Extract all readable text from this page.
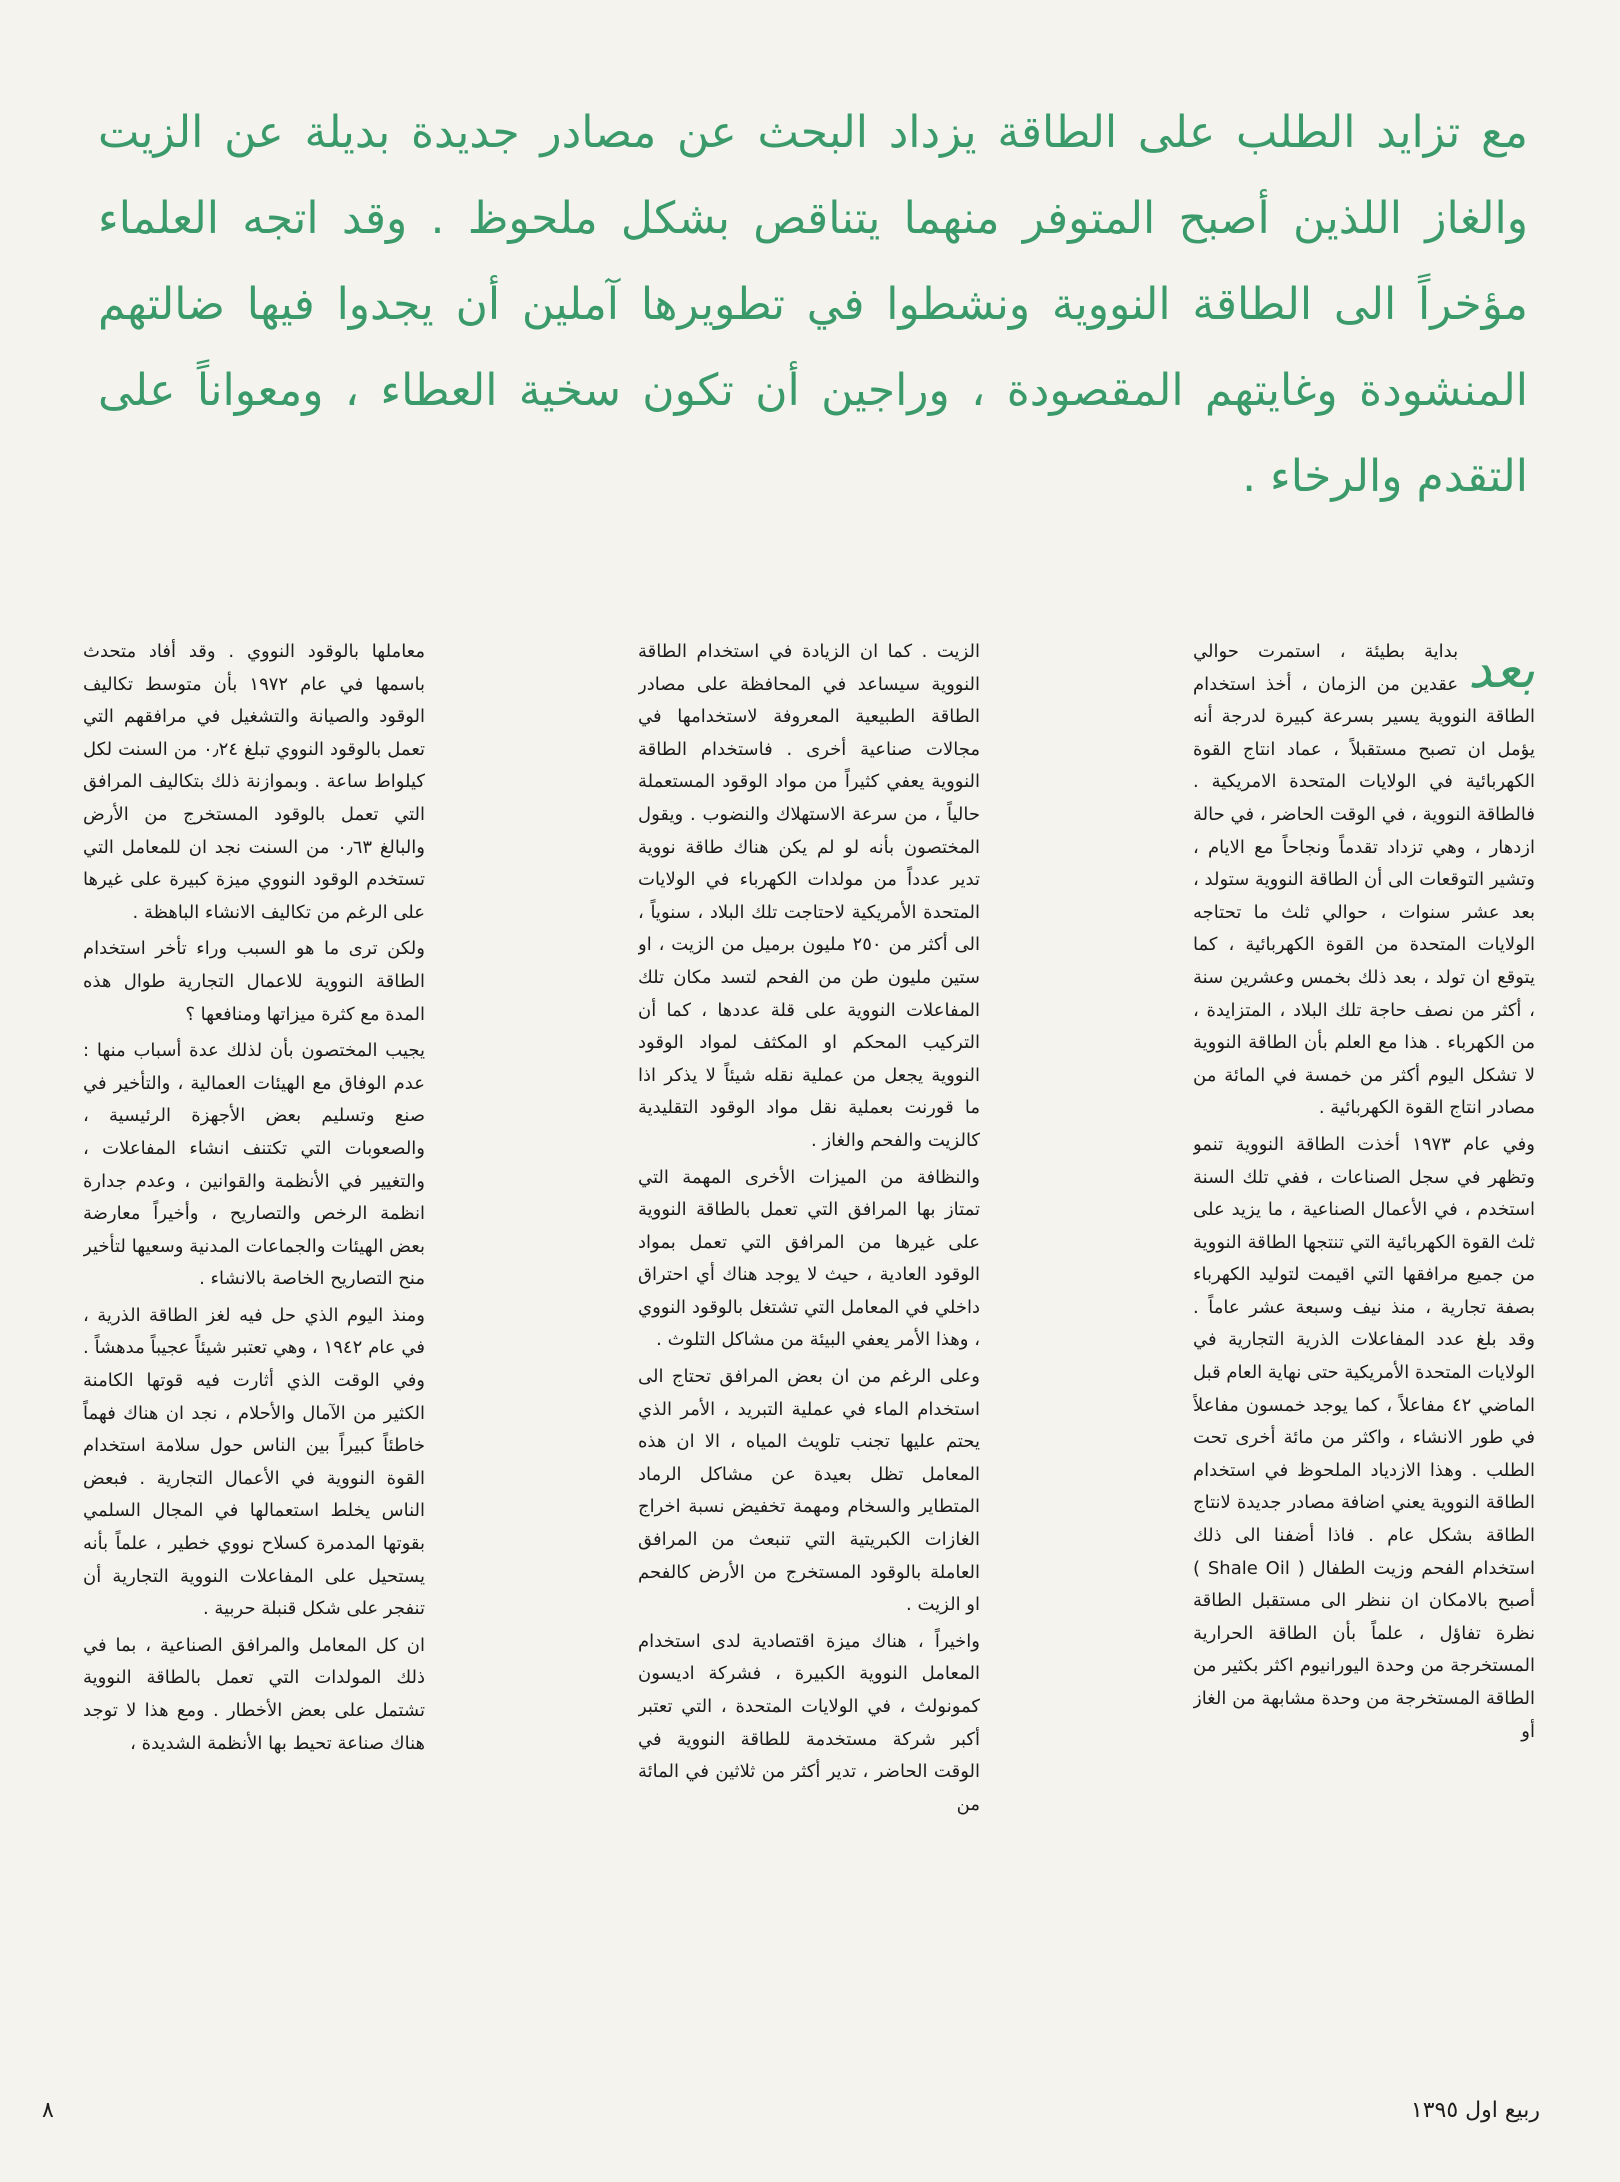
مع تزايد الطلب على الطاقة يزداد البحث عن مصادر جديدة بديلة عن الزيت والغاز اللذين أصبح المتوفر منهما يتناقص بشكل ملحوظ . وقد اتجه العلماء مؤخراً الى الطاقة النووية ونشطوا في تطويرها آملين أن يجدوا فيها ضالتهم المنشودة وغايتهم المقصودة ، وراجين أن تكون سخية العطاء ، ومعواناً على التقدم والرخاء .

بعد

بداية بطيئة ، استمرت حوالي عقدين من الزمان ، أخذ استخدام الطاقة النووية يسير بسرعة كبيرة لدرجة أنه يؤمل ان تصبح مستقبلاً ، عماد انتاج القوة الكهربائية في الولايات المتحدة الامريكية . فالطاقة النووية ، في الوقت الحاضر ، في حالة ازدهار ، وهي تزداد تقدماً ونجاحاً مع الايام ، وتشير التوقعات الى أن الطاقة النووية ستولد ، بعد عشر سنوات ، حوالي ثلث ما تحتاجه الولايات المتحدة من القوة الكهربائية ، كما يتوقع ان تولد ، بعد ذلك بخمس وعشرين سنة ، أكثر من نصف حاجة تلك البلاد ، المتزايدة ، من الكهرباء . هذا مع العلم بأن الطاقة النووية لا تشكل اليوم أكثر من خمسة في المائة من مصادر انتاج القوة الكهربائية .

وفي عام ١٩٧٣ أخذت الطاقة النووية تنمو وتظهر في سجل الصناعات ، ففي تلك السنة استخدم ، في الأعمال الصناعية ، ما يزيد على ثلث القوة الكهربائية التي تنتجها الطاقة النووية من جميع مرافقها التي اقيمت لتوليد الكهرباء بصفة تجارية ، منذ نيف وسبعة عشر عاماً . وقد بلغ عدد المفاعلات الذرية التجارية في الولايات المتحدة الأمريكية حتى نهاية العام قبل الماضي ٤٢ مفاعلاً ، كما يوجد خمسون مفاعلاً في طور الانشاء ، واكثر من مائة أخرى تحت الطلب . وهذا الازدياد الملحوظ في استخدام الطاقة النووية يعني اضافة مصادر جديدة لانتاج الطاقة بشكل عام . فاذا أضفنا الى ذلك استخدام الفحم وزيت الطفال ( Shale Oil ) أصبح بالامكان ان ننظر الى مستقبل الطاقة نظرة تفاؤل ، علماً بأن الطاقة الحرارية المستخرجة من وحدة اليورانيوم اكثر بكثير من الطاقة المستخرجة من وحدة مشابهة من الغاز أو

الزيت . كما ان الزيادة في استخدام الطاقة النووية سيساعد في المحافظة على مصادر الطاقة الطبيعية المعروفة لاستخدامها في مجالات صناعية أخرى . فاستخدام الطاقة النووية يعفي كثيراً من مواد الوقود المستعملة حالياً ، من سرعة الاستهلاك والنضوب . ويقول المختصون بأنه لو لم يكن هناك طاقة نووية تدير عدداً من مولدات الكهرباء في الولايات المتحدة الأمريكية لاحتاجت تلك البلاد ، سنوياً ، الى أكثر من ٢٥٠ مليون برميل من الزيت ، او ستين مليون طن من الفحم لتسد مكان تلك المفاعلات النووية على قلة عددها ، كما أن التركيب المحكم او المكثف لمواد الوقود النووية يجعل من عملية نقله شيئاً لا يذكر اذا ما قورنت بعملية نقل مواد الوقود التقليدية كالزيت والفحم والغاز .

والنظافة من الميزات الأخرى المهمة التي تمتاز بها المرافق التي تعمل بالطاقة النووية على غيرها من المرافق التي تعمل بمواد الوقود العادية ، حيث لا يوجد هناك أي احتراق داخلي في المعامل التي تشتغل بالوقود النووي ، وهذا الأمر يعفي البيئة من مشاكل التلوث .

وعلى الرغم من ان بعض المرافق تحتاج الى استخدام الماء في عملية التبريد ، الأمر الذي يحتم عليها تجنب تلويث المياه ، الا ان هذه المعامل تظل بعيدة عن مشاكل الرماد المتطاير والسخام ومهمة تخفيض نسبة اخراج الغازات الكبريتية التي تنبعث من المرافق العاملة بالوقود المستخرج من الأرض كالفحم او الزيت .

واخيراً ، هناك ميزة اقتصادية لدى استخدام المعامل النووية الكبيرة ، فشركة اديسون كمونولث ، في الولايات المتحدة ، التي تعتبر أكبر شركة مستخدمة للطاقة النووية في الوقت الحاضر ، تدير أكثر من ثلاثين في المائة من

معاملها بالوقود النووي . وقد أفاد متحدث باسمها في عام ١٩٧٢ بأن متوسط تكاليف الوقود والصيانة والتشغيل في مرافقهم التي تعمل بالوقود النووي تبلغ ٠٫٢٤ من السنت لكل كيلواط ساعة . وبموازنة ذلك بتكاليف المرافق التي تعمل بالوقود المستخرج من الأرض والبالغ ٠٫٦٣ من السنت نجد ان للمعامل التي تستخدم الوقود النووي ميزة كبيرة على غيرها على الرغم من تكاليف الانشاء الباهظة .

ولكن ترى ما هو السبب وراء تأخر استخدام الطاقة النووية للاعمال التجارية طوال هذه المدة مع كثرة ميزاتها ومنافعها ؟

يجيب المختصون بأن لذلك عدة أسباب منها : عدم الوفاق مع الهيئات العمالية ، والتأخير في صنع وتسليم بعض الأجهزة الرئيسية ، والصعوبات التي تكتنف انشاء المفاعلات ، والتغيير في الأنظمة والقوانين ، وعدم جدارة انظمة الرخص والتصاريح ، وأخيراً معارضة بعض الهيئات والجماعات المدنية وسعيها لتأخير منح التصاريح الخاصة بالانشاء .

ومنذ اليوم الذي حل فيه لغز الطاقة الذرية ، في عام ١٩٤٢ ، وهي تعتبر شيئاً عجيباً مدهشاً . وفي الوقت الذي أثارت فيه قوتها الكامنة الكثير من الآمال والأحلام ، نجد ان هناك فهماً خاطئاً كبيراً بين الناس حول سلامة استخدام القوة النووية في الأعمال التجارية . فبعض الناس يخلط استعمالها في المجال السلمي بقوتها المدمرة كسلاح نووي خطير ، علماً بأنه يستحيل على المفاعلات النووية التجارية أن تنفجر على شكل قنبلة حربية .

ان كل المعامل والمرافق الصناعية ، بما في ذلك المولدات التي تعمل بالطاقة النووية تشتمل على بعض الأخطار . ومع هذا لا توجد هناك صناعة تحيط بها الأنظمة الشديدة ،

ربيع اول ١٣٩٥
٨
